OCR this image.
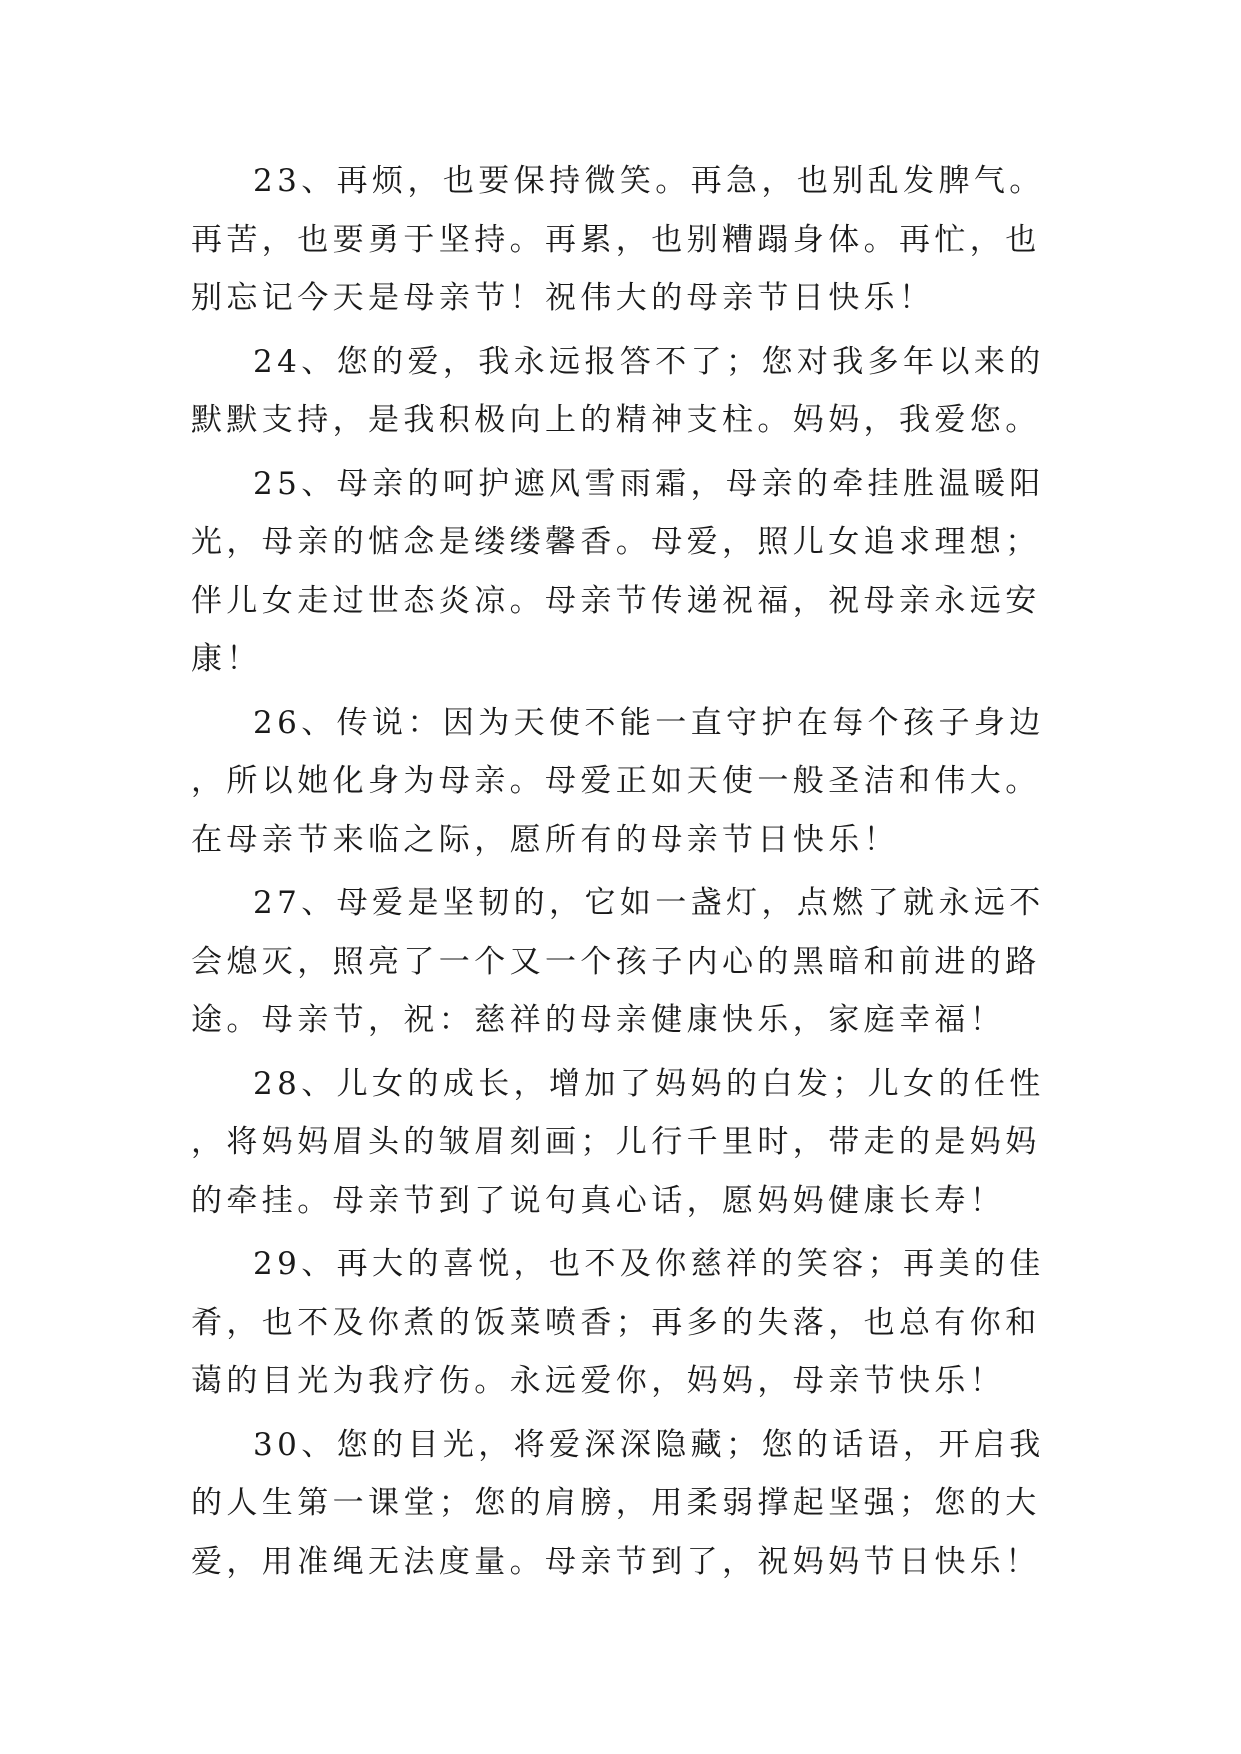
23、再烦，也要保持微笑。再急，也别乱发脾气。再苦，也要勇于坚持。再累，也别糟蹋身体。再忙，也别忘记今天是母亲节！祝伟大的母亲节日快乐！

24、您的爱，我永远报答不了；您对我多年以来的默默支持，是我积极向上的精神支柱。妈妈，我爱您。

25、母亲的呵护遮风雪雨霜，母亲的牵挂胜温暖阳光，母亲的惦念是缕缕馨香。母爱，照儿女追求理想；伴儿女走过世态炎凉。母亲节传递祝福，祝母亲永远安康！

26、传说：因为天使不能一直守护在每个孩子身边，所以她化身为母亲。母爱正如天使一般圣洁和伟大。在母亲节来临之际，愿所有的母亲节日快乐！

27、母爱是坚韧的，它如一盏灯，点燃了就永远不会熄灭，照亮了一个又一个孩子内心的黑暗和前进的路途。母亲节，祝：慈祥的母亲健康快乐，家庭幸福！

28、儿女的成长，增加了妈妈的白发；儿女的任性，将妈妈眉头的皱眉刻画；儿行千里时，带走的是妈妈的牵挂。母亲节到了说句真心话，愿妈妈健康长寿！

29、再大的喜悦，也不及你慈祥的笑容；再美的佳肴，也不及你煮的饭菜喷香；再多的失落，也总有你和蔼的目光为我疗伤。永远爱你，妈妈，母亲节快乐！

30、您的目光，将爱深深隐藏；您的话语，开启我的人生第一课堂；您的肩膀，用柔弱撑起坚强；您的大爱，用准绳无法度量。母亲节到了，祝妈妈节日快乐！
